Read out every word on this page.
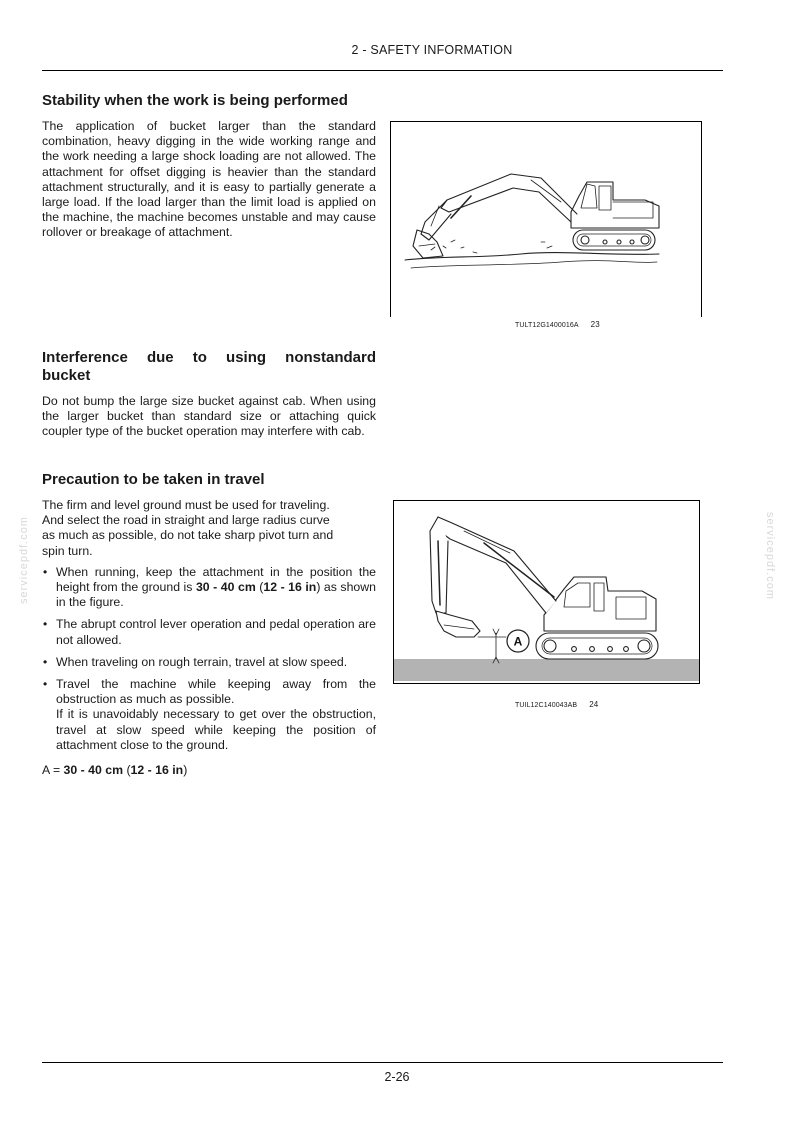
2 - SAFETY INFORMATION
Stability when the work is being performed

The application of bucket larger than the standard combination, heavy digging in the wide working range and the work needing a large shock loading are not allowed. The attachment for offset digging is heavier than the standard attachment structurally, and it is easy to partially generate a large load. If the load larger than the limit load is applied on the machine, the machine becomes unstable and may cause rollover or breakage of attachment.

TULT12G1400016A 23
Interference due to using nonstandard
bucket

Do not bump the large size bucket against cab. When using the larger bucket than standard size or attaching quick coupler type of the bucket operation may interfere with cab.

Precaution to be taken in travel

The firm and level ground must be used for traveling.

And select the road in straight and large radius curve

as much as possible, do not take sharp pivot turn and

spin turn.

• When running, keep the attachment in the position the height from the ground is 30 - 40 cm (12 - 16 in) as shown in the figure.
• The abrupt control lever operation and pedal operation are not allowed.
• When traveling on rough terrain, travel at slow speed.
• Travel the machine while keeping away from the obstruction as much as possible.
If it is unavoidably necessary to get over the obstruction, travel at slow speed while keeping the position of attachment close to the ground.

A = 30 - 40 cm (12 - 16 in)

A
TUIL12C140043AB 24
servicepdf.com	servicepdf.com
2-26
